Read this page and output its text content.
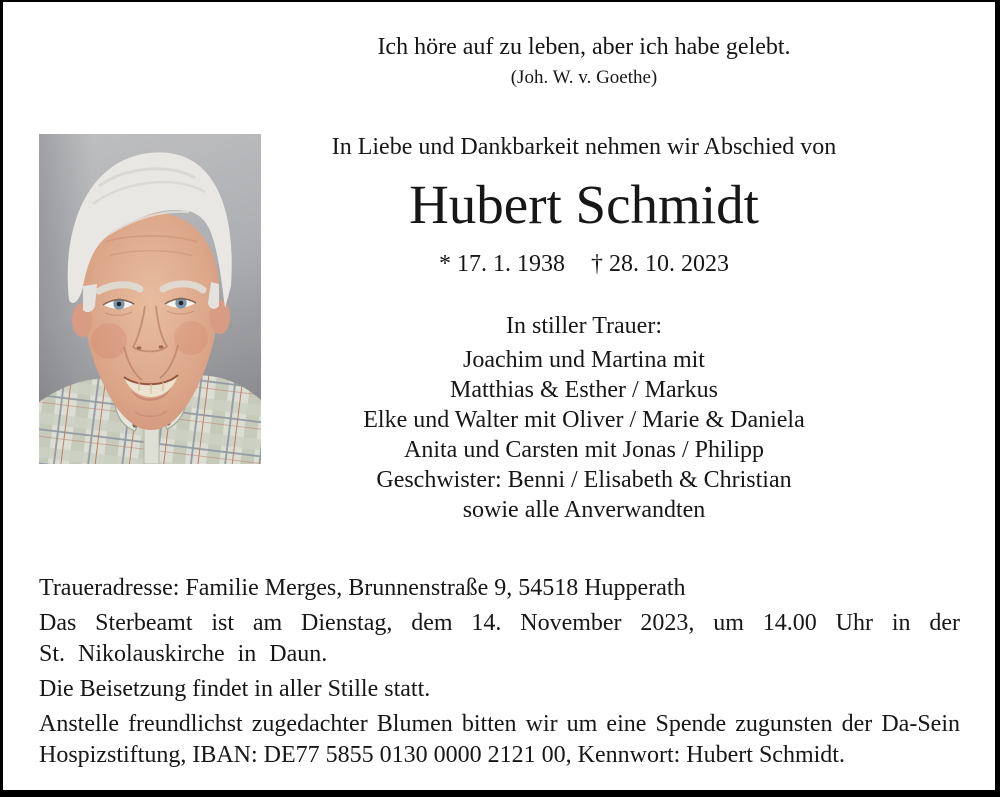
Ich höre auf zu leben, aber ich habe gelebt.
(Joh. W. v. Goethe)
In Liebe und Dankbarkeit nehmen wir Abschied von
Hubert Schmidt
* 17. 1. 1938 † 28. 10. 2023
In stiller Trauer:
Joachim und Martina mit
Matthias & Esther / Markus
Elke und Walter mit Oliver / Marie & Daniela
Anita und Carsten mit Jonas / Philipp
Geschwister: Benni / Elisabeth & Christian
sowie alle Anverwandten

Traueradresse: Familie Merges, Brunnenstraße 9, 54518 Hupperath

Das Sterbeamt ist am Dienstag, dem 14. November 2023, um 14.00 Uhr in der
St. Nikolauskirche in Daun.

Die Beisetzung findet in aller Stille statt.

Anstelle freundlichst zugedachter Blumen bitten wir um eine Spende zugunsten der Da-Sein
Hospizstiftung, IBAN: DE77 5855 0130 0000 2121 00, Kennwort: Hubert Schmidt.
